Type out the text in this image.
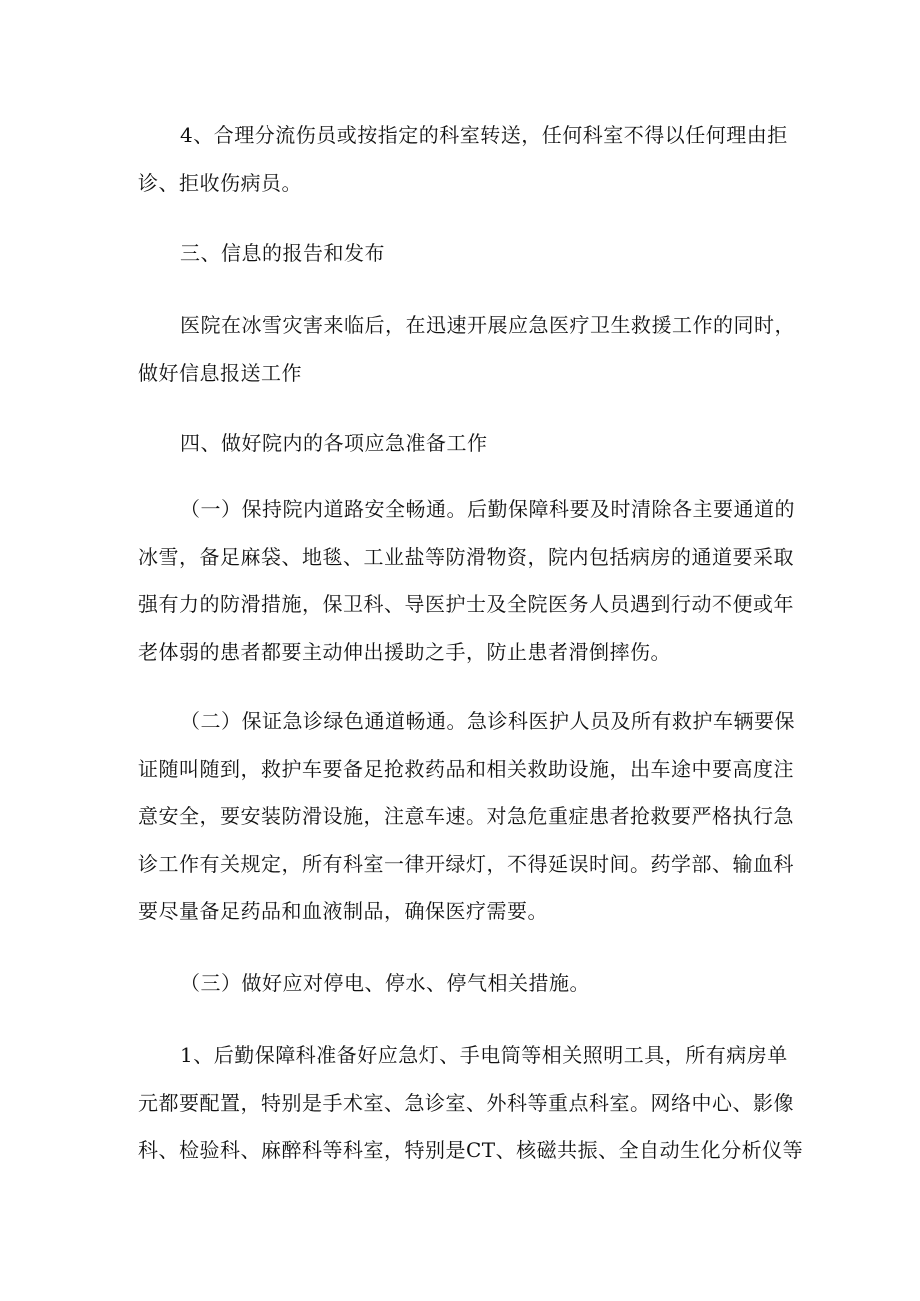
4、合理分流伤员或按指定的科室转送，任何科室不得以任何理由拒
诊、拒收伤病员。
三、信息的报告和发布
医院在冰雪灾害来临后，在迅速开展应急医疗卫生救援工作的同时，
做好信息报送工作
四、做好院内的各项应急准备工作
（一）保持院内道路安全畅通。后勤保障科要及时清除各主要通道的
冰雪，备足麻袋、地毯、工业盐等防滑物资，院内包括病房的通道要采取
强有力的防滑措施，保卫科、导医护士及全院医务人员遇到行动不便或年
老体弱的患者都要主动伸出援助之手，防止患者滑倒摔伤。
（二）保证急诊绿色通道畅通。急诊科医护人员及所有救护车辆要保
证随叫随到，救护车要备足抢救药品和相关救助设施，出车途中要高度注
意安全，要安装防滑设施，注意车速。对急危重症患者抢救要严格执行急
诊工作有关规定，所有科室一律开绿灯，不得延误时间。药学部、输血科
要尽量备足药品和血液制品，确保医疗需要。
（三）做好应对停电、停水、停气相关措施。
1、后勤保障科准备好应急灯、手电筒等相关照明工具，所有病房单
元都要配置，特别是手术室、急诊室、外科等重点科室。网络中心、影像
科、检验科、麻醉科等科室，特别是CT、核磁共振、全自动生化分析仪等
